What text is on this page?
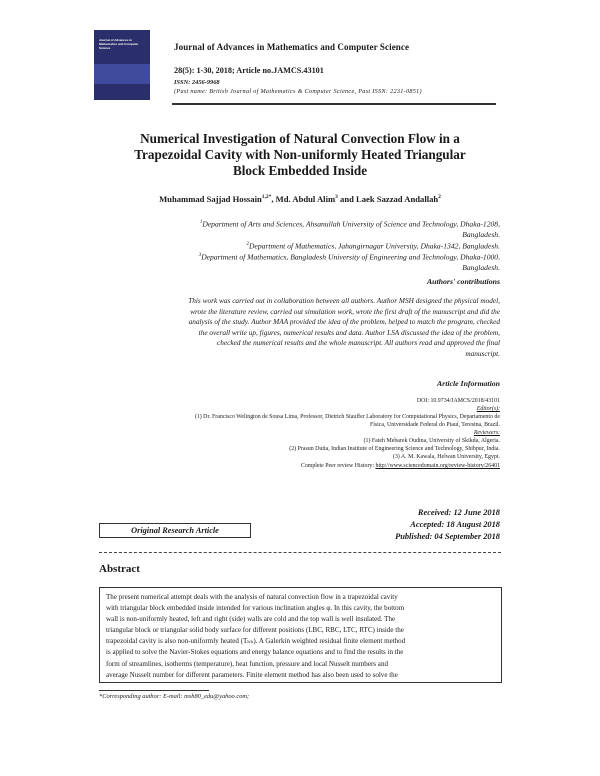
Journal of Advances in Mathematics and Computer Science	Journal of Advances in Mathematics and Computer Science
28(5): 1-30, 2018; Article no.JAMCS.43101
ISSN: 2456-9968
(Past name: British Journal of Mathematics & Computer Science, Past ISSN: 2231-0851)
Numerical Investigation of Natural Convection Flow in a
Trapezoidal Cavity with Non-uniformly Heated Triangular
Block Embedded Inside
Muhammad Sajjad Hossain$^{1,2*}$, Md. Abdul Alim$^3$ and Laek Sazzad Andallah$^2$
$^1$Department of Arts and Sciences, Ahsanullah University of Science and Technology, Dhaka-1208,
Bangladesh.
$^2$Department of Mathematics, Jahangirnagar University, Dhaka-1342, Bangladesh.
$^3$Department of Mathematics, Bangladesh University of Engineering and Technology, Dhaka-1000,
Bangladesh.
Authors' contributions
This work was carried out in collaboration between all authors. Author MSH designed the physical model,
wrote the literature review, carried out simulation work, wrote the first draft of the manuscript and did the
analysis of the study. Author MAA provided the idea of the problem, helped to match the program, checked
the overall write up, figures, numerical results and data. Author LSA discussed the idea of the problem,
checked the numerical results and the whole manuscript. All authors read and approved the final
manuscript.
Article Information
DOI: 10.9734/JAMCS/2018/43101
Editor(s):
(1) Dr. Francisco Welington de Sousa Lima, Professor, Dietrich Stauffer Laboratory for Computational Physics, Departamento de
Física, Universidade Federal do Piauí, Teresina, Brazil.
Reviewers:
(1) Fateh Mebarek Oudina, University of Skikda, Algeria.
(2) Prasun Dutta, Indian Institute of Engineering Science and Technology, Shibpur, India.
(3) A. M. Kawala, Helwan University, Egypt.
Complete Peer review History: http://www.sciencedomain.org/review-history/26401
Original Research Article
Received: 12 June 2018
Accepted: 18 August 2018
Published: 04 September 2018
Abstract
The present numerical attempt deals with the analysis of natural convection flow in a trapezoidal cavity
with triangular block embedded inside intended for various inclination angles φ. In this cavity, the bottom
wall is non-uniformly heated, left and right (side) walls are cold and the top wall is well insulated. The
triangular block or triangular solid body surface for different positions (LBC, RBC, LTC, RTC) inside the
trapezoidal cavity is also non-uniformly heated (Tₕₕ). A Galerkin weighted residual finite element method
is applied to solve the Navier-Stokes equations and energy balance equations and to find the results in the
form of streamlines, isotherms (temperature), heat function, pressure and local Nusselt numbers and
average Nusselt number for different parameters. Finite element method has also been used to solve the
*Corresponding author: E-mail: msh80_edu@yahoo.com;
